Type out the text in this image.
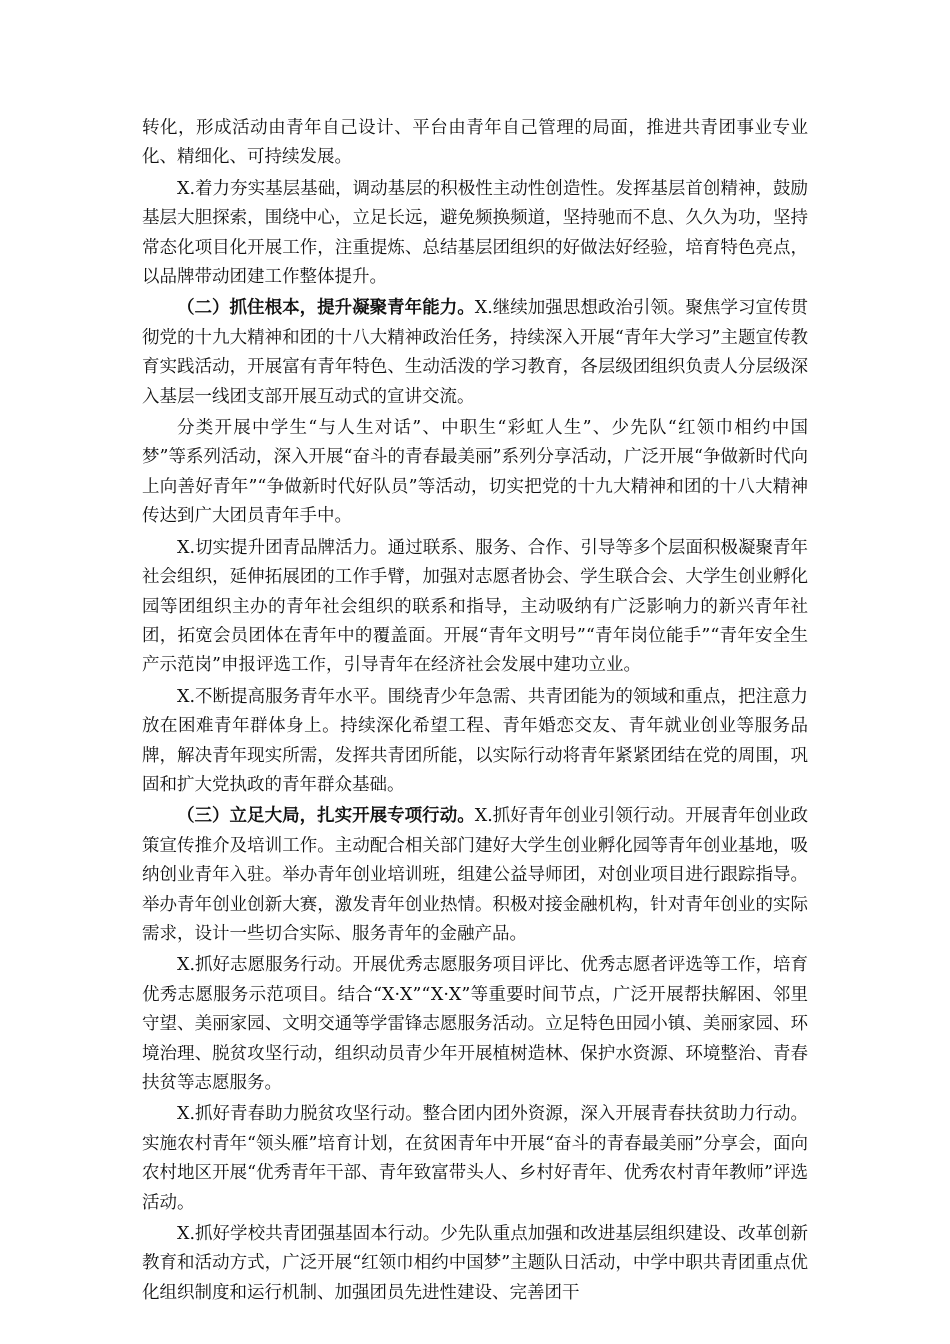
转化，形成活动由青年自己设计、平台由青年自己管理的局面，推进共青团事业专业化、精细化、可持续发展。

X.着力夯实基层基础，调动基层的积极性主动性创造性。发挥基层首创精神，鼓励基层大胆探索，围绕中心，立足长远，避免频换频道，坚持驰而不息、久久为功，坚持常态化项目化开展工作，注重提炼、总结基层团组织的好做法好经验，培育特色亮点，以品牌带动团建工作整体提升。

（二）抓住根本，提升凝聚青年能力。X.继续加强思想政治引领。聚焦学习宣传贯彻党的十九大精神和团的十八大精神政治任务，持续深入开展“青年大学习”主题宣传教育实践活动，开展富有青年特色、生动活泼的学习教育，各层级团组织负责人分层级深入基层一线团支部开展互动式的宣讲交流。

分类开展中学生“与人生对话”、中职生“彩虹人生”、少先队“红领巾相约中国梦”等系列活动，深入开展“奋斗的青春最美丽”系列分享活动，广泛开展“争做新时代向上向善好青年”“争做新时代好队员”等活动，切实把党的十九大精神和团的十八大精神传达到广大团员青年手中。

X.切实提升团青品牌活力。通过联系、服务、合作、引导等多个层面积极凝聚青年社会组织，延伸拓展团的工作手臂，加强对志愿者协会、学生联合会、大学生创业孵化园等团组织主办的青年社会组织的联系和指导，主动吸纳有广泛影响力的新兴青年社团，拓宽会员团体在青年中的覆盖面。开展“青年文明号”“青年岗位能手”“青年安全生产示范岗”申报评选工作，引导青年在经济社会发展中建功立业。

X.不断提高服务青年水平。围绕青少年急需、共青团能为的领域和重点，把注意力放在困难青年群体身上。持续深化希望工程、青年婚恋交友、青年就业创业等服务品牌，解决青年现实所需，发挥共青团所能，以实际行动将青年紧紧团结在党的周围，巩固和扩大党执政的青年群众基础。

（三）立足大局，扎实开展专项行动。X.抓好青年创业引领行动。开展青年创业政策宣传推介及培训工作。主动配合相关部门建好大学生创业孵化园等青年创业基地，吸纳创业青年入驻。举办青年创业培训班，组建公益导师团，对创业项目进行跟踪指导。举办青年创业创新大赛，激发青年创业热情。积极对接金融机构，针对青年创业的实际需求，设计一些切合实际、服务青年的金融产品。

X.抓好志愿服务行动。开展优秀志愿服务项目评比、优秀志愿者评选等工作，培育优秀志愿服务示范项目。结合“X·X”“X·X”等重要时间节点，广泛开展帮扶解困、邻里守望、美丽家园、文明交通等学雷锋志愿服务活动。立足特色田园小镇、美丽家园、环境治理、脱贫攻坚行动，组织动员青少年开展植树造林、保护水资源、环境整治、青春扶贫等志愿服务。

X.抓好青春助力脱贫攻坚行动。整合团内团外资源，深入开展青春扶贫助力行动。实施农村青年“领头雁”培育计划，在贫困青年中开展“奋斗的青春最美丽”分享会，面向农村地区开展“优秀青年干部、青年致富带头人、乡村好青年、优秀农村青年教师”评选活动。

X.抓好学校共青团强基固本行动。少先队重点加强和改进基层组织建设、改革创新教育和活动方式，广泛开展“红领巾相约中国梦”主题队日活动，中学中职共青团重点优化组织制度和运行机制、加强团员先进性建设、完善团干
